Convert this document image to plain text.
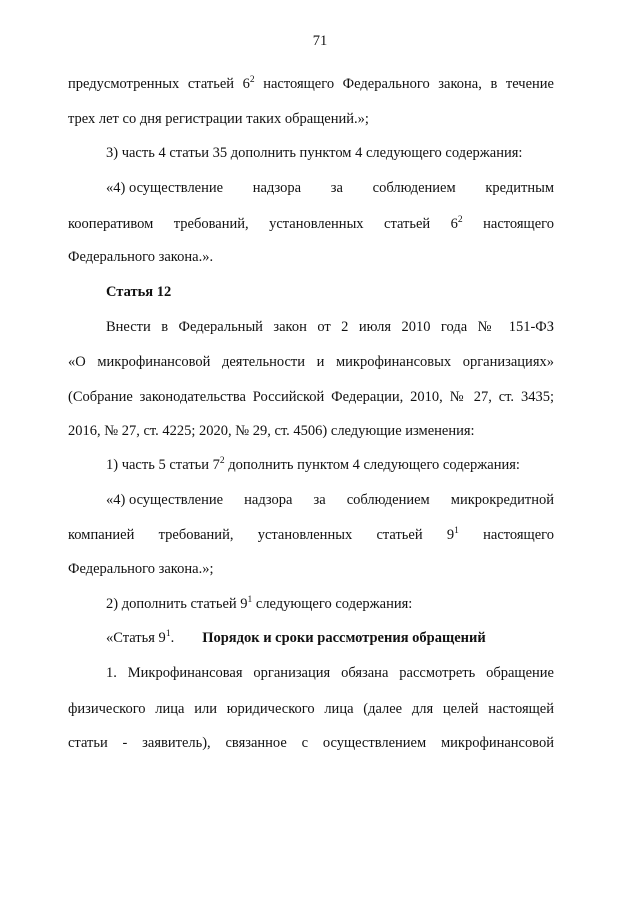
71
предусмотренных статьей $6^2$ настоящего Федерального закона, в течение
трех лет со дня регистрации таких обращений.»;
3) часть 4 статьи 35 дополнить пунктом 4 следующего содержания:
«4) осуществление надзора за соблюдением кредитным
кооперативом требований, установленных статьей $6^2$ настоящего
Федерального закона.».
Статья 12
Внести в Федеральный закон от 2 июля 2010 года № 151-ФЗ
«О микрофинансовой деятельности и микрофинансовых организациях»
(Собрание законодательства Российской Федерации, 2010, № 27, ст. 3435;
2016, № 27, ст. 4225; 2020, № 29, ст. 4506) следующие изменения:
1) часть 5 статьи $7^2$ дополнить пунктом 4 следующего содержания:
«4) осуществление надзора за соблюдением микрокредитной
компанией требований, установленных статьей $9^1$ настоящего
Федерального закона.»;
2) дополнить статьей $9^1$ следующего содержания:
«Статья $9^1$. Порядок и сроки рассмотрения обращений
1. Микрофинансовая организация обязана рассмотреть обращение
физического лица или юридического лица (далее для целей настоящей
статьи - заявитель), связанное с осуществлением микрофинансовой
